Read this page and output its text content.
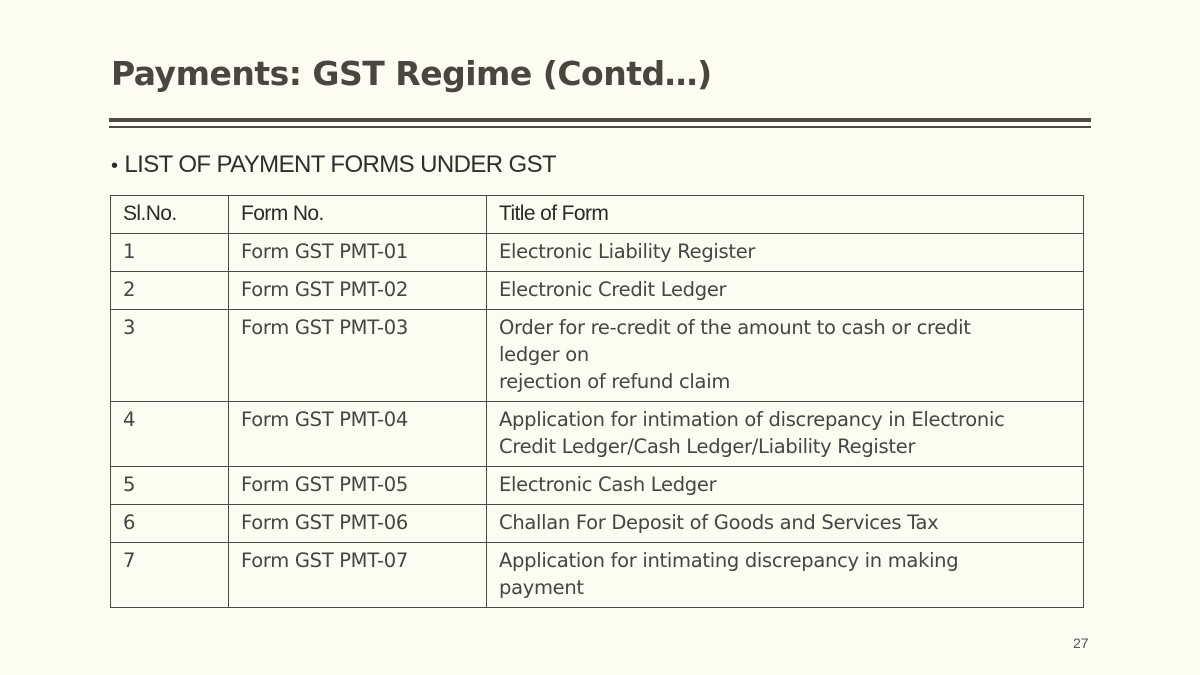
Payments: GST Regime (Contd…)

• LIST OF PAYMENT FORMS UNDER GST

Sl.No.	Form No.	Title of Form
1	Form GST PMT-01	Electronic Liability Register

2	Form GST PMT-02	Electronic Credit Ledger

3	Form GST PMT-03	Order for re-credit of the amount to cash or credit
ledger on
rejection of refund claim

4	Form GST PMT-04	Application for intimation of discrepancy in Electronic
Credit Ledger/Cash Ledger/Liability Register

5	Form GST PMT-05	Electronic Cash Ledger

6	Form GST PMT-06	Challan For Deposit of Goods and Services Tax

7	Form GST PMT-07	Application for intimating discrepancy in making
payment
27
